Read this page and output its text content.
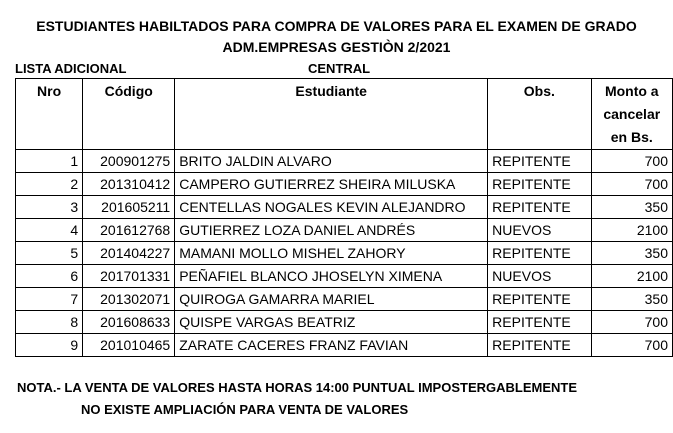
ESTUDIANTES HABILTADOS PARA COMPRA DE VALORES PARA EL EXAMEN DE GRADO
ADM.EMPRESAS GESTIÒN 2/2021
LISTA ADICIONAL	CENTRAL
Nro	Código	Estudiante	Obs.	Monto a
cancelar
en Bs.

1	200901275	BRITO JALDIN ALVARO	REPITENTE	700
2	201310412	CAMPERO GUTIERREZ SHEIRA MILUSKA	REPITENTE	700
3	201605211	CENTELLAS NOGALES KEVIN ALEJANDRO	REPITENTE	350
4	201612768	GUTIERREZ LOZA DANIEL ANDRÉS	NUEVOS	2100
5	201404227	MAMANI MOLLO MISHEL ZAHORY	REPITENTE	350
6	201701331	PEÑAFIEL BLANCO JHOSELYN XIMENA	NUEVOS	2100
7	201302071	QUIROGA GAMARRA MARIEL	REPITENTE	350
8	201608633	QUISPE VARGAS BEATRIZ	REPITENTE	700
9	201010465	ZARATE CACERES FRANZ FAVIAN	REPITENTE	700
NOTA.- LA VENTA DE VALORES HASTA HORAS 14:00 PUNTUAL IMPOSTERGABLEMENTE
NO EXISTE AMPLIACIÓN PARA VENTA DE VALORES
